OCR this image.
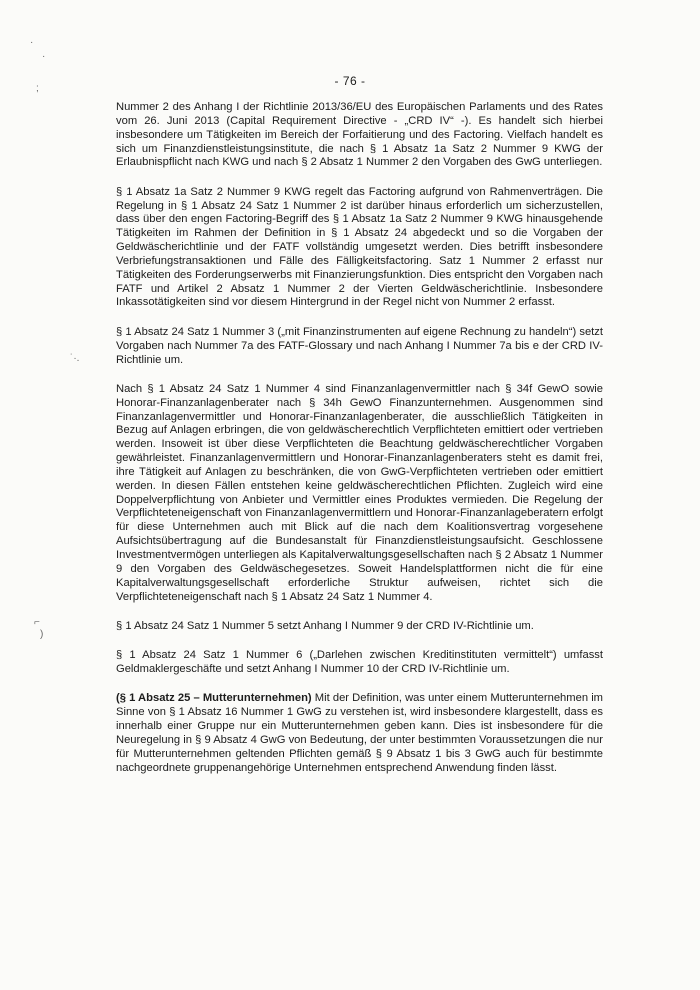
·
·
;
˙·.
⌐
)
- 76 -

Nummer 2 des Anhang I der Richtlinie 2013/36/EU des Europäischen Parlaments und des Rates vom 26. Juni 2013 (Capital Requirement Directive - „CRD IV“ -). Es handelt sich hierbei insbesondere um Tätigkeiten im Bereich der Forfaitierung und des Factoring. Vielfach handelt es sich um Finanzdienstleistungsinstitute, die nach § 1 Absatz 1a Satz 2 Nummer 9 KWG der Erlaubnispflicht nach KWG und nach § 2 Absatz 1 Nummer 2 den Vorgaben des GwG unterliegen.

§ 1 Absatz 1a Satz 2 Nummer 9 KWG regelt das Factoring aufgrund von Rahmenverträgen. Die Regelung in § 1 Absatz 24 Satz 1 Nummer 2 ist darüber hinaus erforderlich um sicherzustellen, dass über den engen Factoring-Begriff des § 1 Absatz 1a Satz 2 Nummer 9 KWG hinausgehende Tätigkeiten im Rahmen der Definition in § 1 Absatz 24 abgedeckt und so die Vorgaben der Geldwäscherichtlinie und der FATF vollständig umgesetzt werden. Dies betrifft insbesondere Verbriefungstransaktionen und Fälle des Fälligkeitsfactoring. Satz 1 Nummer 2 erfasst nur Tätigkeiten des Forderungserwerbs mit Finanzierungsfunktion. Dies entspricht den Vorgaben nach FATF und Artikel 2 Absatz 1 Nummer 2 der Vierten Geldwäscherichtlinie. Insbesondere Inkassotätigkeiten sind vor diesem Hintergrund in der Regel nicht von Nummer 2 erfasst.

§ 1 Absatz 24 Satz 1 Nummer 3 („mit Finanzinstrumenten auf eigene Rechnung zu handeln“) setzt Vorgaben nach Nummer 7a des FATF-Glossary und nach Anhang I Nummer 7a bis e der CRD IV-Richtlinie um.

Nach § 1 Absatz 24 Satz 1 Nummer 4 sind Finanzanlagenvermittler nach § 34f GewO sowie Honorar-Finanzanlagenberater nach § 34h GewO Finanzunternehmen. Ausgenommen sind Finanzanlagenvermittler und Honorar-Finanzanlagenberater, die ausschließlich Tätigkeiten in Bezug auf Anlagen erbringen, die von geldwäscherechtlich Verpflichteten emittiert oder vertrieben werden. Insoweit ist über diese Verpflichteten die Beachtung geldwäscherechtlicher Vorgaben gewährleistet. Finanzanlagenvermittlern und Honorar-Finanzanlagenberaters steht es damit frei, ihre Tätigkeit auf Anlagen zu beschränken, die von GwG-Verpflichteten vertrieben oder emittiert werden. In diesen Fällen entstehen keine geldwäscherechtlichen Pflichten. Zugleich wird eine Doppelverpflichtung von Anbieter und Vermittler eines Produktes vermieden. Die Regelung der Verpflichteteneigenschaft von Finanzanlagenvermittlern und Honorar-Finanzanlageberatern erfolgt für diese Unternehmen auch mit Blick auf die nach dem Koalitionsvertrag vorgesehene Aufsichtsübertragung auf die Bundesanstalt für Finanzdienstleistungsaufsicht. Geschlossene Investmentvermögen unterliegen als Kapitalverwaltungsgesellschaften nach § 2 Absatz 1 Nummer 9 den Vorgaben des Geldwäschegesetzes. Soweit Handelsplattformen nicht die für eine Kapitalverwaltungsgesellschaft erforderliche Struktur aufweisen, richtet sich die Verpflichteteneigenschaft nach § 1 Absatz 24 Satz 1 Nummer 4.

§ 1 Absatz 24 Satz 1 Nummer 5 setzt Anhang I Nummer 9 der CRD IV-Richtlinie um.

§ 1 Absatz 24 Satz 1 Nummer 6 („Darlehen zwischen Kreditinstituten vermittelt“) umfasst Geldmaklergeschäfte und setzt Anhang I Nummer 10 der CRD IV-Richtlinie um.

(§ 1 Absatz 25 – Mutterunternehmen) Mit der Definition, was unter einem Mutterunternehmen im Sinne von § 1 Absatz 16 Nummer 1 GwG zu verstehen ist, wird insbesondere klargestellt, dass es innerhalb einer Gruppe nur ein Mutterunternehmen geben kann. Dies ist insbesondere für die Neuregelung in § 9 Absatz 4 GwG von Bedeutung, der unter bestimmten Voraussetzungen die nur für Mutterunternehmen geltenden Pflichten gemäß § 9 Absatz 1 bis 3 GwG auch für bestimmte nachgeordnete gruppenangehörige Unternehmen entsprechend Anwendung finden lässt.
